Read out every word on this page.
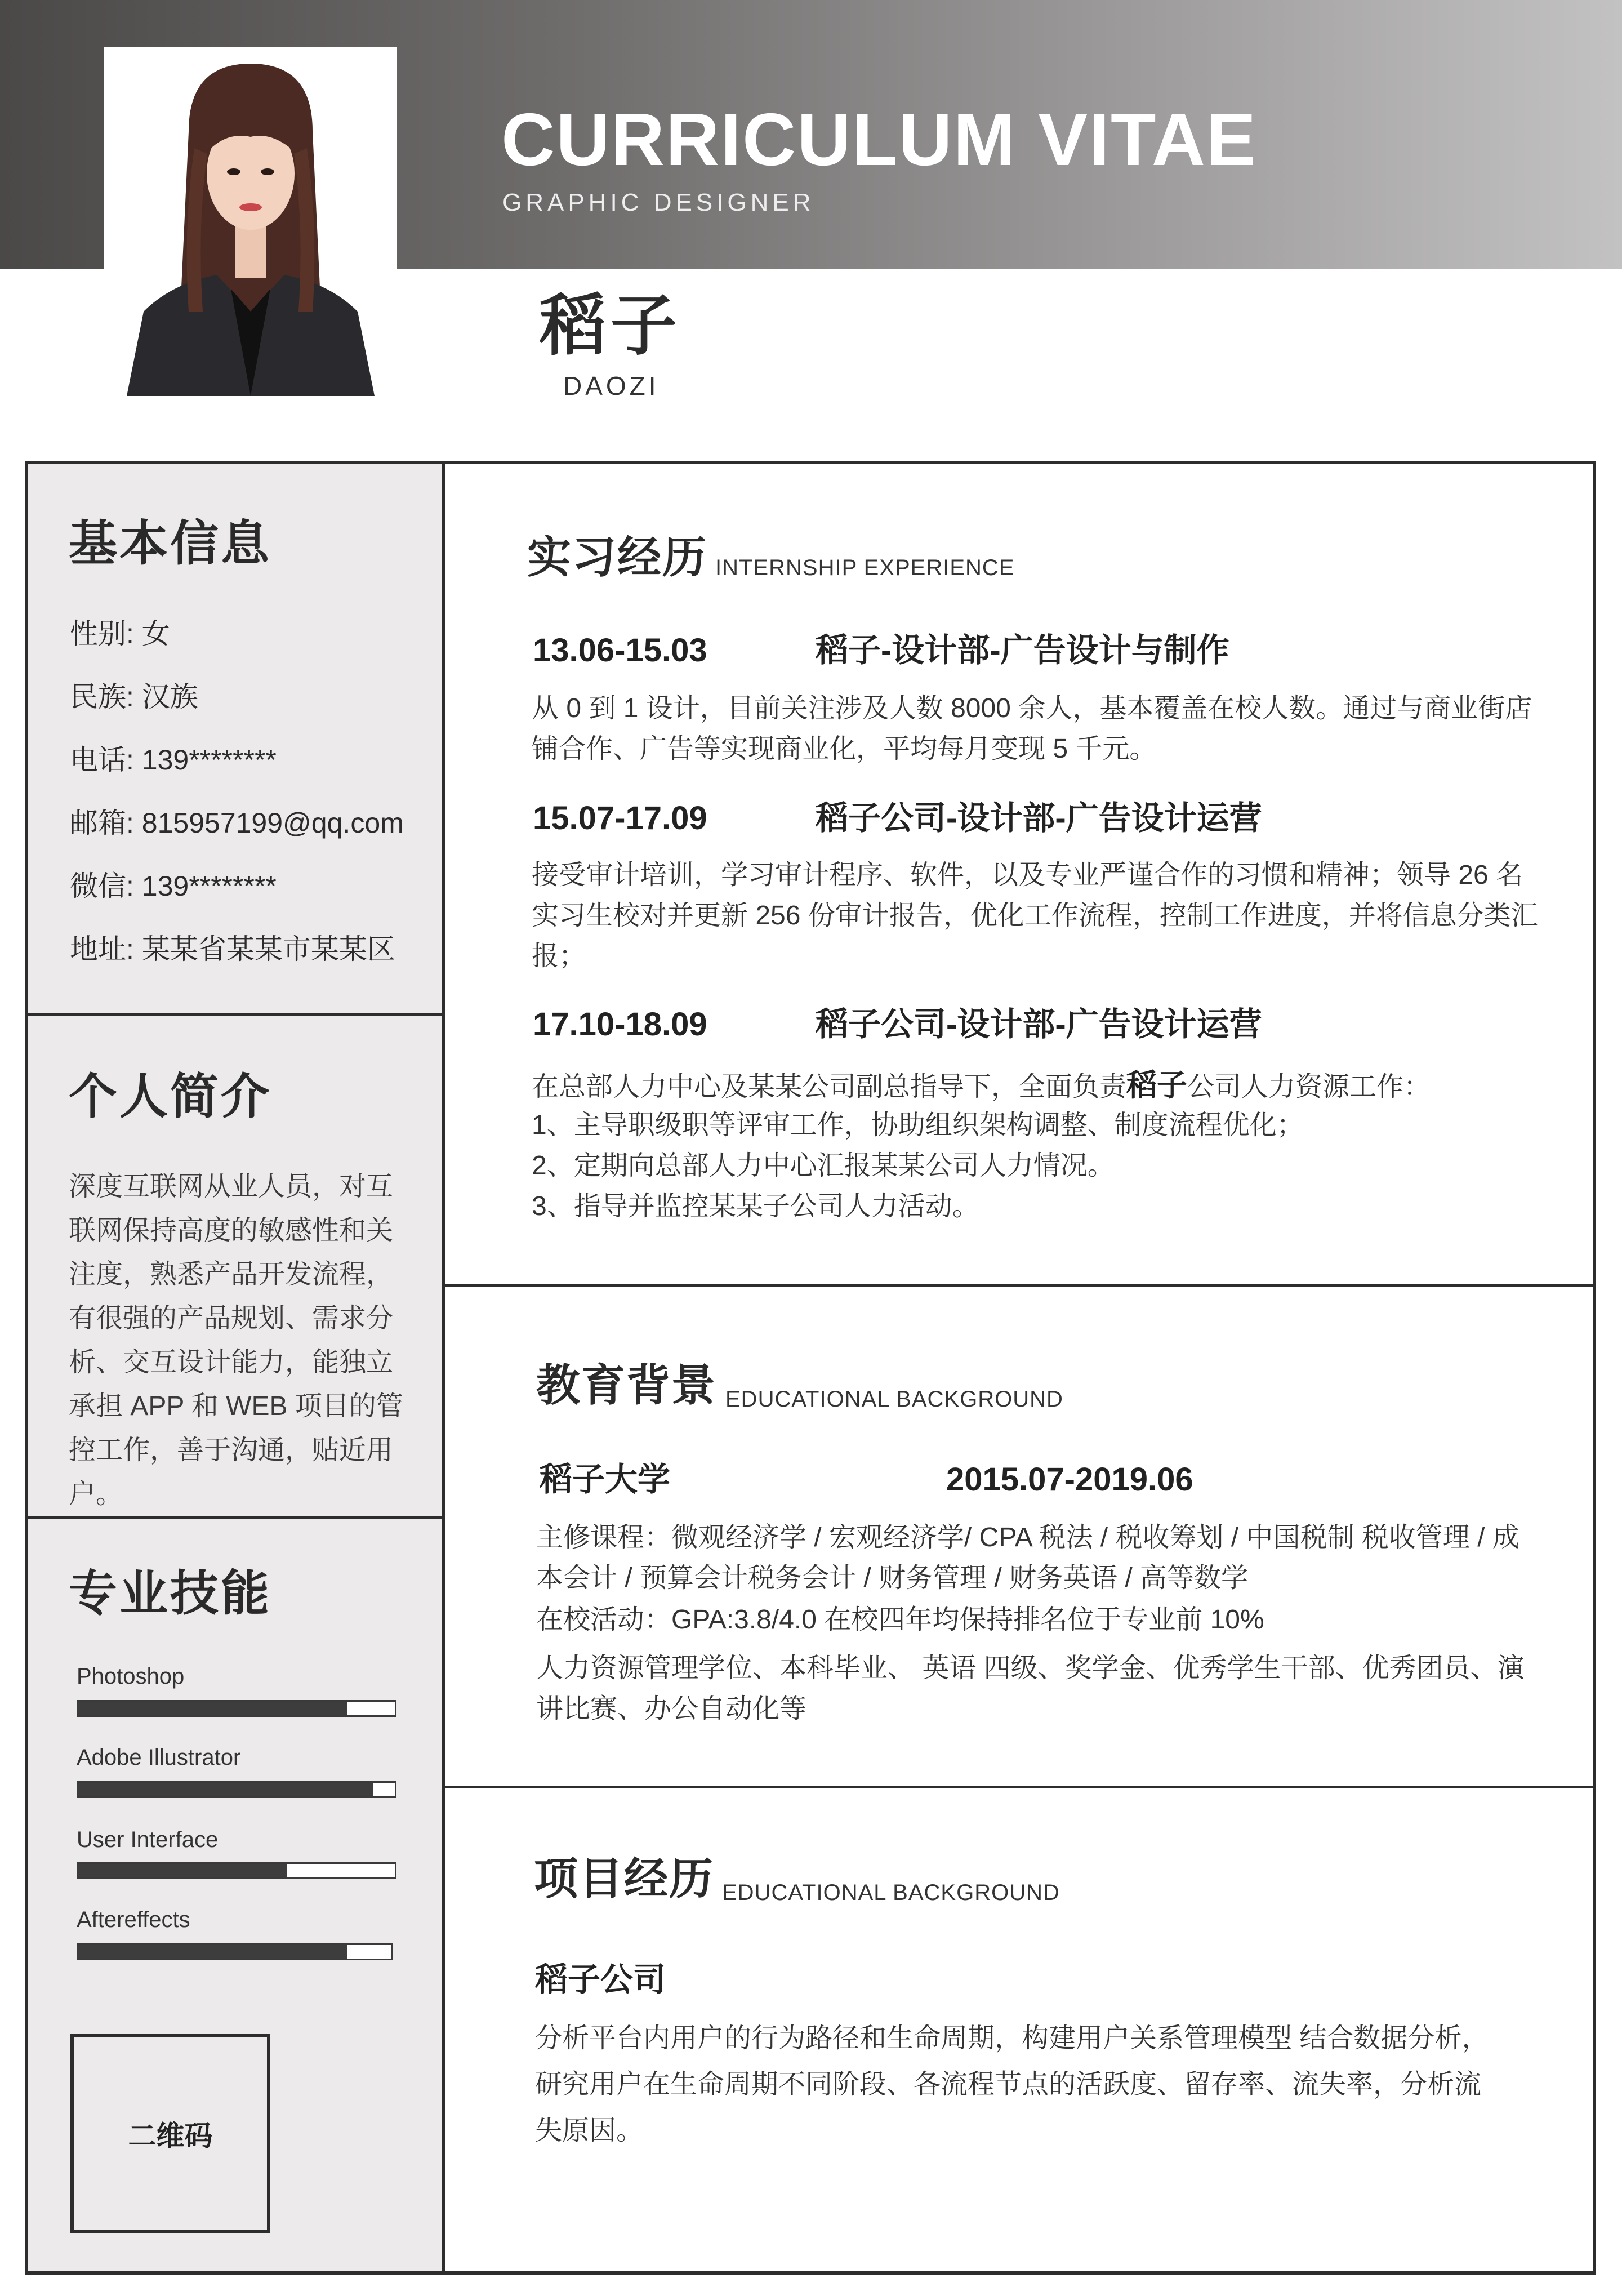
CURRICULUM VITAE
GRAPHIC DESIGNER
稻子
DAOZI
基本信息
性别: 女
民族: 汉族
电话: 139********
邮箱: 815957199@qq.com
微信: 139********
地址: 某某省某某市某某区
个人简介
深度互联网从业人员，对互联网保持高度的敏感性和关注度，熟悉产品开发流程，有很强的产品规划、需求分析、交互设计能力，能独立承担 APP 和 WEB 项目的管控工作，善于沟通，贴近用户。
专业技能
Photoshop
Adobe Illustrator
User Interface
Aftereffects
二维码
实习经历 INTERNSHIP EXPERIENCE
13.06-15.03	稻子-设计部-广告设计与制作
从 0 到 1 设计，目前关注涉及人数 8000 余人，基本覆盖在校人数。通过与商业街店铺合作、广告等实现商业化，平均每月变现 5 千元。
15.07-17.09	稻子公司-设计部-广告设计运营
接受审计培训，学习审计程序、软件，以及专业严谨合作的习惯和精神；领导 26 名实习生校对并更新 256 份审计报告，优化工作流程，控制工作进度，并将信息分类汇报；
17.10-18.09	稻子公司-设计部-广告设计运营
在总部人力中心及某某公司副总指导下，全面负责稻子公司人力资源工作：
1、主导职级职等评审工作，协助组织架构调整、制度流程优化；
2、定期向总部人力中心汇报某某公司人力情况。
3、指导并监控某某子公司人力活动。
教育背景 EDUCATIONAL BACKGROUND
稻子大学	2015.07-2019.06
主修课程：微观经济学 / 宏观经济学/ CPA 税法 / 税收筹划 / 中国税制 税收管理 / 成本会计 / 预算会计税务会计 / 财务管理 / 财务英语 / 高等数学
在校活动：GPA:3.8/4.0 在校四年均保持排名位于专业前 10%
人力资源管理学位、本科毕业、 英语 四级、奖学金、优秀学生干部、优秀团员、演讲比赛、办公自动化等
项目经历 EDUCATIONAL BACKGROUND
稻子公司
分析平台内用户的行为路径和生命周期，构建用户关系管理模型 结合数据分析，研究用户在生命周期不同阶段、各流程节点的活跃度、留存率、流失率，分析流失原因。
